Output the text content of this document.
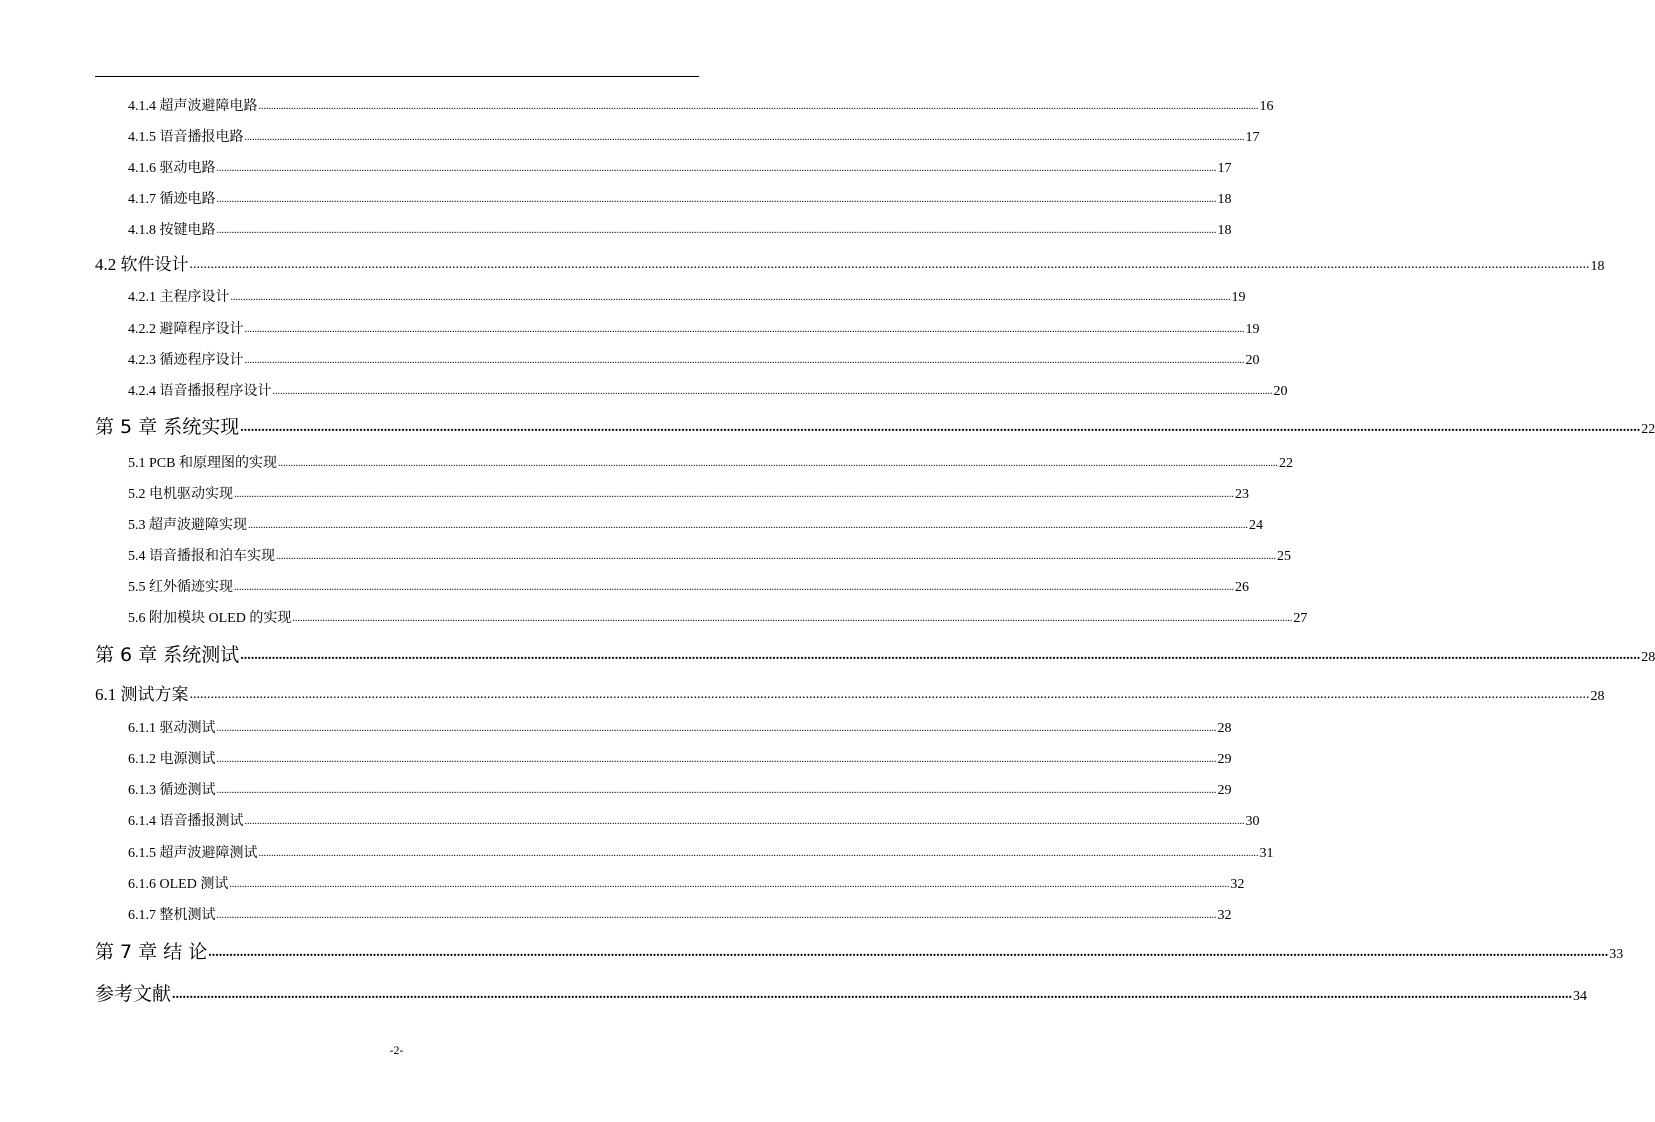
4.1.4 超声波避障电路 ................................................................................................................................................................................................................................................................................................................................................................................................................ 16
4.1.5 语音播报电路 ................................................................................................................................................................................................................................................................................................................................................................................................................ 17
4.1.6 驱动电路 ................................................................................................................................................................................................................................................................................................................................................................................................................ 17
4.1.7 循迹电路 ................................................................................................................................................................................................................................................................................................................................................................................................................ 18
4.1.8 按键电路 ................................................................................................................................................................................................................................................................................................................................................................................................................ 18
4.2 软件设计 ................................................................................................................................................................................................................................................................................................................................................................................................................ 18
4.2.1 主程序设计 ................................................................................................................................................................................................................................................................................................................................................................................................................ 19
4.2.2 避障程序设计 ................................................................................................................................................................................................................................................................................................................................................................................................................ 19
4.2.3 循迹程序设计 ................................................................................................................................................................................................................................................................................................................................................................................................................ 20
4.2.4 语音播报程序设计 ................................................................................................................................................................................................................................................................................................................................................................................................................ 20
第 5 章 系统实现 ................................................................................................................................................................................................................................................................................................................................................................................................................ 22
5.1 PCB 和原理图的实现 ................................................................................................................................................................................................................................................................................................................................................................................................................ 22
5.2 电机驱动实现 ................................................................................................................................................................................................................................................................................................................................................................................................................ 23
5.3 超声波避障实现 ................................................................................................................................................................................................................................................................................................................................................................................................................ 24
5.4 语音播报和泊车实现 ................................................................................................................................................................................................................................................................................................................................................................................................................ 25
5.5 红外循迹实现 ................................................................................................................................................................................................................................................................................................................................................................................................................ 26
5.6 附加模块 OLED 的实现 ................................................................................................................................................................................................................................................................................................................................................................................................................ 27
第 6 章 系统测试 ................................................................................................................................................................................................................................................................................................................................................................................................................ 28
6.1 测试方案 ................................................................................................................................................................................................................................................................................................................................................................................................................ 28
6.1.1 驱动测试 ................................................................................................................................................................................................................................................................................................................................................................................................................ 28
6.1.2 电源测试 ................................................................................................................................................................................................................................................................................................................................................................................................................ 29
6.1.3 循迹测试 ................................................................................................................................................................................................................................................................................................................................................................................................................ 29
6.1.4 语音播报测试 ................................................................................................................................................................................................................................................................................................................................................................................................................ 30
6.1.5 超声波避障测试 ................................................................................................................................................................................................................................................................................................................................................................................................................ 31
6.1.6 OLED 测试 ................................................................................................................................................................................................................................................................................................................................................................................................................ 32
6.1.7 整机测试 ................................................................................................................................................................................................................................................................................................................................................................................................................ 32
第 7 章 结 论 ................................................................................................................................................................................................................................................................................................................................................................................................................ 33
参考文献 ................................................................................................................................................................................................................................................................................................................................................................................................................ 34
-2-
